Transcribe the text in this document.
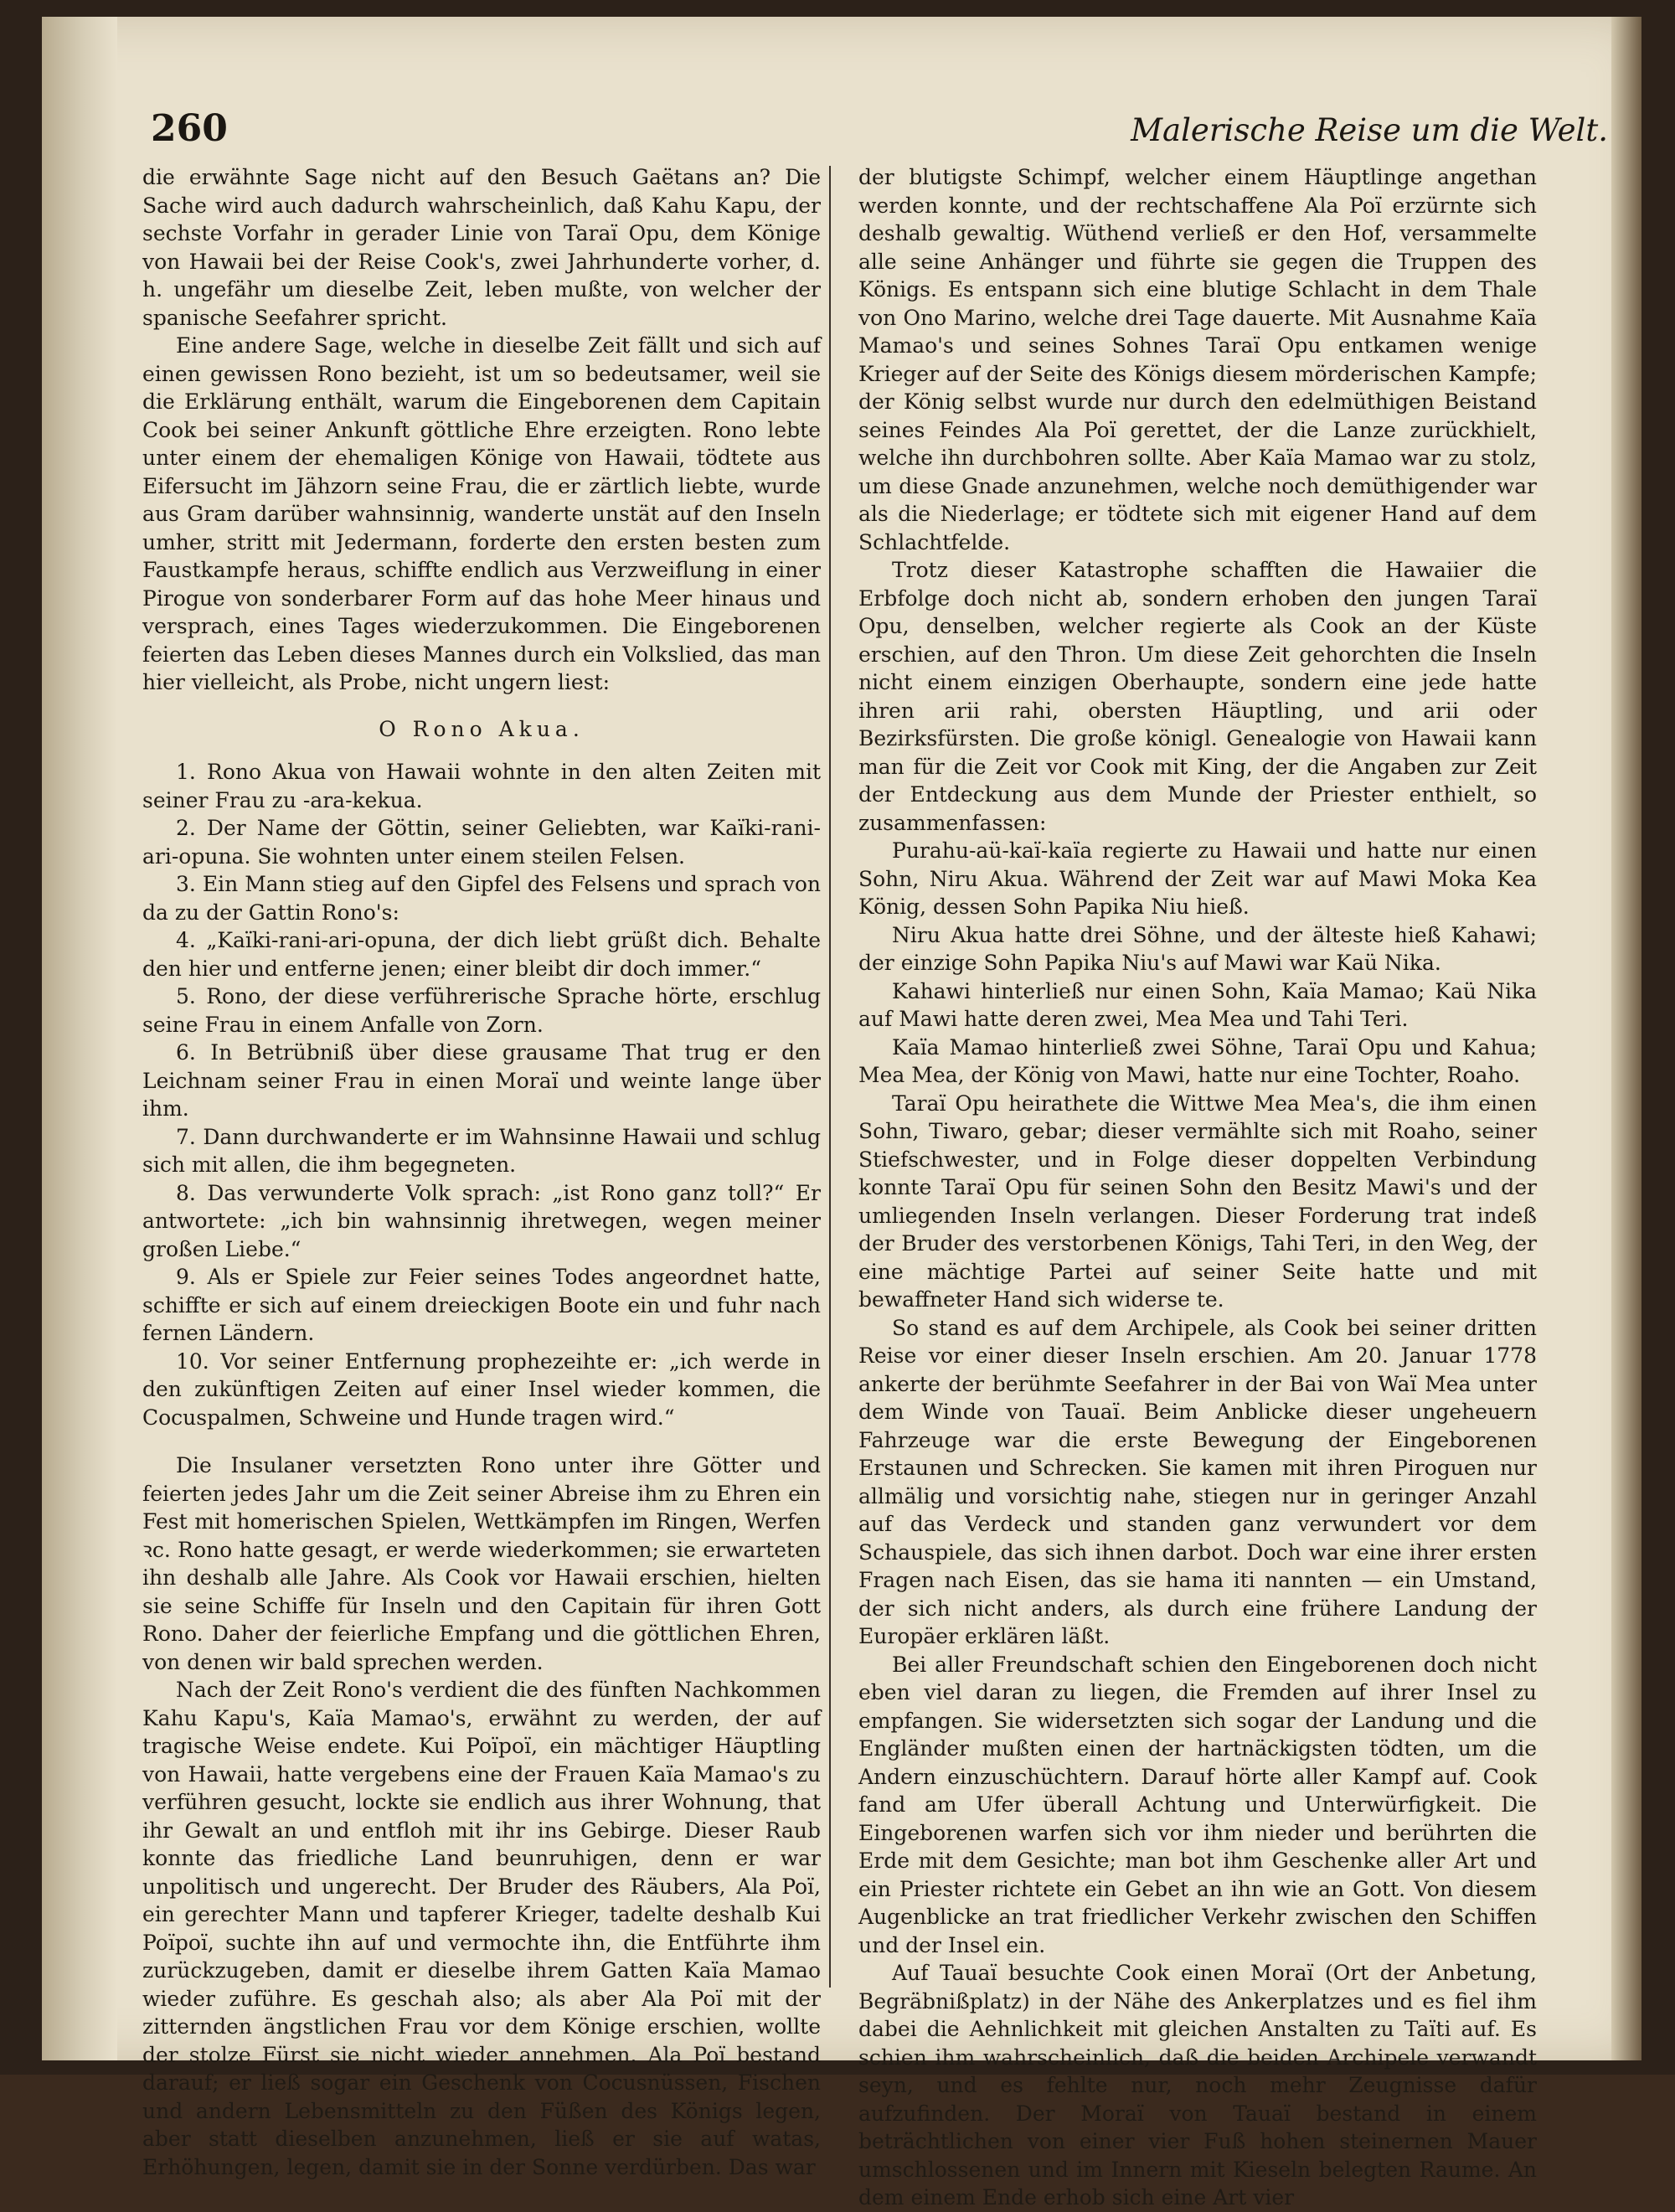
260	Malerische Reise um die Welt.

die erwähnte Sage nicht auf den Besuch Gaëtans an? Die Sache wird auch dadurch wahrscheinlich, daß Kahu Kapu, der sechste Vorfahr in gerader Linie von Taraï Opu, dem Könige von Hawaii bei der Reise Cook's, zwei Jahrhunderte vorher, d. h. ungefähr um dieselbe Zeit, leben mußte, von welcher der spanische Seefahrer spricht.

Eine andere Sage, welche in dieselbe Zeit fällt und sich auf einen gewissen Rono bezieht, ist um so bedeutsamer, weil sie die Erklärung enthält, warum die Eingeborenen dem Capitain Cook bei seiner Ankunft göttliche Ehre erzeigten. Rono lebte unter einem der ehemaligen Könige von Hawaii, tödtete aus Eifersucht im Jähzorn seine Frau, die er zärtlich liebte, wurde aus Gram darüber wahnsinnig, wanderte unstät auf den Inseln umher, stritt mit Jedermann, forderte den ersten besten zum Faustkampfe heraus, schiffte endlich aus Verzweiflung in einer Pirogue von sonderbarer Form auf das hohe Meer hinaus und versprach, eines Tages wiederzukommen. Die Eingeborenen feierten das Leben dieses Mannes durch ein Volkslied, das man hier vielleicht, als Probe, nicht ungern liest:

O Rono Akua.

1. Rono Akua von Hawaii wohnte in den alten Zeiten mit seiner Frau zu -ara-kekua.

2. Der Name der Göttin, seiner Geliebten, war Kaïki-rani-ari-opuna. Sie wohnten unter einem steilen Felsen.

3. Ein Mann stieg auf den Gipfel des Felsens und sprach von da zu der Gattin Rono's:

4. „Kaïki-rani-ari-opuna, der dich liebt grüßt dich. Behalte den hier und entferne jenen; einer bleibt dir doch immer.“

5. Rono, der diese verführerische Sprache hörte, erschlug seine Frau in einem Anfalle von Zorn.

6. In Betrübniß über diese grausame That trug er den Leichnam seiner Frau in einen Moraï und weinte lange über ihm.

7. Dann durchwanderte er im Wahnsinne Hawaii und schlug sich mit allen, die ihm begegneten.

8. Das verwunderte Volk sprach: „ist Rono ganz toll?“ Er antwortete: „ich bin wahnsinnig ihretwegen, wegen meiner großen Liebe.“

9. Als er Spiele zur Feier seines Todes angeordnet hatte, schiffte er sich auf einem dreieckigen Boote ein und fuhr nach fernen Ländern.

10. Vor seiner Entfernung prophezeihte er: „ich werde in den zukünftigen Zeiten auf einer Insel wieder kommen, die Cocuspalmen, Schweine und Hunde tragen wird.“

Die Insulaner versetzten Rono unter ihre Götter und feierten jedes Jahr um die Zeit seiner Abreise ihm zu Ehren ein Fest mit homerischen Spielen, Wettkämpfen im Ringen, Werfen ꝛc. Rono hatte gesagt, er werde wiederkommen; sie erwarteten ihn deshalb alle Jahre. Als Cook vor Hawaii erschien, hielten sie seine Schiffe für Inseln und den Capitain für ihren Gott Rono. Daher der feierliche Empfang und die göttlichen Ehren, von denen wir bald sprechen werden.

Nach der Zeit Rono's verdient die des fünften Nachkommen Kahu Kapu's, Kaïa Mamao's, erwähnt zu werden, der auf tragische Weise endete. Kui Poïpoï, ein mächtiger Häuptling von Hawaii, hatte vergebens eine der Frauen Kaïa Mamao's zu verführen gesucht, lockte sie endlich aus ihrer Wohnung, that ihr Gewalt an und entfloh mit ihr ins Gebirge. Dieser Raub konnte das friedliche Land beunruhigen, denn er war unpolitisch und ungerecht. Der Bruder des Räubers, Ala Poï, ein gerechter Mann und tapferer Krieger, tadelte deshalb Kui Poïpoï, suchte ihn auf und vermochte ihn, die Entführte ihm zurückzugeben, damit er dieselbe ihrem Gatten Kaïa Mamao wieder zuführe. Es geschah also; als aber Ala Poï mit der zitternden ängstlichen Frau vor dem Könige erschien, wollte der stolze Fürst sie nicht wieder annehmen. Ala Poï bestand darauf; er ließ sogar ein Geschenk von Cocusnüssen, Fischen und andern Lebensmitteln zu den Füßen des Königs legen, aber statt dieselben anzunehmen, ließ er sie auf watas, Erhöhungen, legen, damit sie in der Sonne verdürben. Das war

der blutigste Schimpf, welcher einem Häuptlinge angethan werden konnte, und der rechtschaffene Ala Poï erzürnte sich deshalb gewaltig. Wüthend verließ er den Hof, versammelte alle seine Anhänger und führte sie gegen die Truppen des Königs. Es entspann sich eine blutige Schlacht in dem Thale von Ono Marino, welche drei Tage dauerte. Mit Ausnahme Kaïa Mamao's und seines Sohnes Taraï Opu entkamen wenige Krieger auf der Seite des Königs diesem mörderischen Kampfe; der König selbst wurde nur durch den edelmüthigen Beistand seines Feindes Ala Poï gerettet, der die Lanze zurückhielt, welche ihn durchbohren sollte. Aber Kaïa Mamao war zu stolz, um diese Gnade anzunehmen, welche noch demüthigender war als die Niederlage; er tödtete sich mit eigener Hand auf dem Schlachtfelde.

Trotz dieser Katastrophe schafften die Hawaiier die Erbfolge doch nicht ab, sondern erhoben den jungen Taraï Opu, denselben, welcher regierte als Cook an der Küste erschien, auf den Thron. Um diese Zeit gehorchten die Inseln nicht einem einzigen Oberhaupte, sondern eine jede hatte ihren arii rahi, obersten Häuptling, und arii oder Bezirksfürsten. Die große königl. Genealogie von Hawaii kann man für die Zeit vor Cook mit King, der die Angaben zur Zeit der Entdeckung aus dem Munde der Priester enthielt, so zusammenfassen:

Purahu-aü-kaï-kaïa regierte zu Hawaii und hatte nur einen Sohn, Niru Akua. Während der Zeit war auf Mawi Moka Kea König, dessen Sohn Papika Niu hieß.

Niru Akua hatte drei Söhne, und der älteste hieß Kahawi; der einzige Sohn Papika Niu's auf Mawi war Kaü Nika.

Kahawi hinterließ nur einen Sohn, Kaïa Mamao; Kaü Nika auf Mawi hatte deren zwei, Mea Mea und Tahi Teri.

Kaïa Mamao hinterließ zwei Söhne, Taraï Opu und Kahua; Mea Mea, der König von Mawi, hatte nur eine Tochter, Roaho.

Taraï Opu heirathete die Wittwe Mea Mea's, die ihm einen Sohn, Tiwaro, gebar; dieser vermählte sich mit Roaho, seiner Stiefschwester, und in Folge dieser doppelten Verbindung konnte Taraï Opu für seinen Sohn den Besitz Mawi's und der umliegenden Inseln verlangen. Dieser Forderung trat indeß der Bruder des verstorbenen Königs, Tahi Teri, in den Weg, der eine mächtige Partei auf seiner Seite hatte und mit bewaffneter Hand sich widerse te.

So stand es auf dem Archipele, als Cook bei seiner dritten Reise vor einer dieser Inseln erschien. Am 20. Januar 1778 ankerte der berühmte Seefahrer in der Bai von Waï Mea unter dem Winde von Tauaï. Beim Anblicke dieser ungeheuern Fahrzeuge war die erste Bewegung der Eingeborenen Erstaunen und Schrecken. Sie kamen mit ihren Piroguen nur allmälig und vorsichtig nahe, stiegen nur in geringer Anzahl auf das Verdeck und standen ganz verwundert vor dem Schauspiele, das sich ihnen darbot. Doch war eine ihrer ersten Fragen nach Eisen, das sie hama iti nannten — ein Umstand, der sich nicht anders, als durch eine frühere Landung der Europäer erklären läßt.

Bei aller Freundschaft schien den Eingeborenen doch nicht eben viel daran zu liegen, die Fremden auf ihrer Insel zu empfangen. Sie widersetzten sich sogar der Landung und die Engländer mußten einen der hartnäckigsten tödten, um die Andern einzuschüchtern. Darauf hörte aller Kampf auf. Cook fand am Ufer überall Achtung und Unterwürfigkeit. Die Eingeborenen warfen sich vor ihm nieder und berührten die Erde mit dem Gesichte; man bot ihm Geschenke aller Art und ein Priester richtete ein Gebet an ihn wie an Gott. Von diesem Augenblicke an trat friedlicher Verkehr zwischen den Schiffen und der Insel ein.

Auf Tauaï besuchte Cook einen Moraï (Ort der Anbetung, Begräbnißplatz) in der Nähe des Ankerplatzes und es fiel ihm dabei die Aehnlichkeit mit gleichen Anstalten zu Taïti auf. Es schien ihm wahrscheinlich, daß die beiden Archipele verwandt seyn, und es fehlte nur, noch mehr Zeugnisse dafür aufzufinden. Der Moraï von Tauaï bestand in einem beträchtlichen von einer vier Fuß hohen steinernen Mauer umschlossenen und im Innern mit Kieseln belegten Raume. An dem einem Ende erhob sich eine Art vier
